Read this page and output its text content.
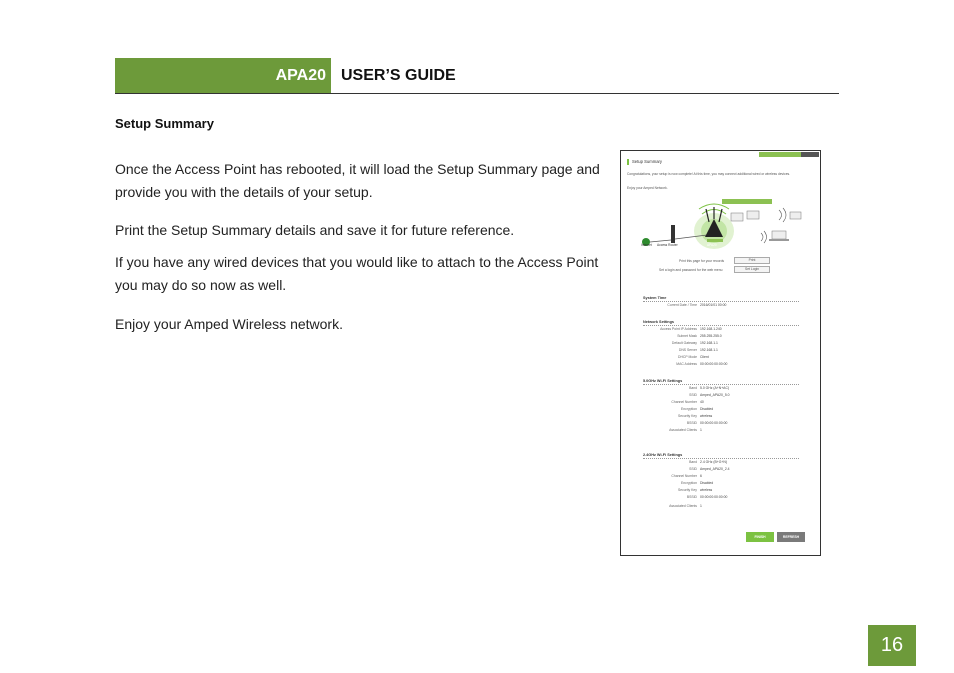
APA20 USER’S GUIDE
Setup Summary
Once the Access Point has rebooted, it will load the Setup Summary page and provide you with the details of your setup.
Print the Setup Summary details and save it for future reference.
If you have any wired devices that you would like to attach to the Access Point you may do so now as well.
Enjoy your Amped Wireless network.
Setup Summary
Congratulations, your setup is now complete! At this time, you may connect additional wired or wireless devices.
Enjoy your Amped Network.
Internet Access Router	APA20
Print this page for your records	Print
Set a login and password for the web menu	Set Login
System Time
Current Date / Time 2016/01/01 00:00
Network Settings
Access Point IP Address 192.168.1.240
Subnet Mask 255.255.255.0
Default Gateway 192.168.1.1
DNS Server 192.168.1.1
DHCP Mode Client
MAC Address 00:00:00:00:00:00
5.0GHz Wi-Fi Settings
Band 5.0 GHz (A+N+AC)
SSID Amped_APA20_5.0
Channel Number 40
Encryption Disabled
Security Key wireless
BSSID 00:00:00:00:00:00
Associated Clients 1
2.4GHz Wi-Fi Settings
Band 2.4 GHz (B+G+N)
SSID Amped_APA20_2.4
Channel Number 6
Encryption Disabled
Security Key wireless
BSSID 00:00:00:00:00:00
Associated Clients 1
FINISH	REFRESH
16
